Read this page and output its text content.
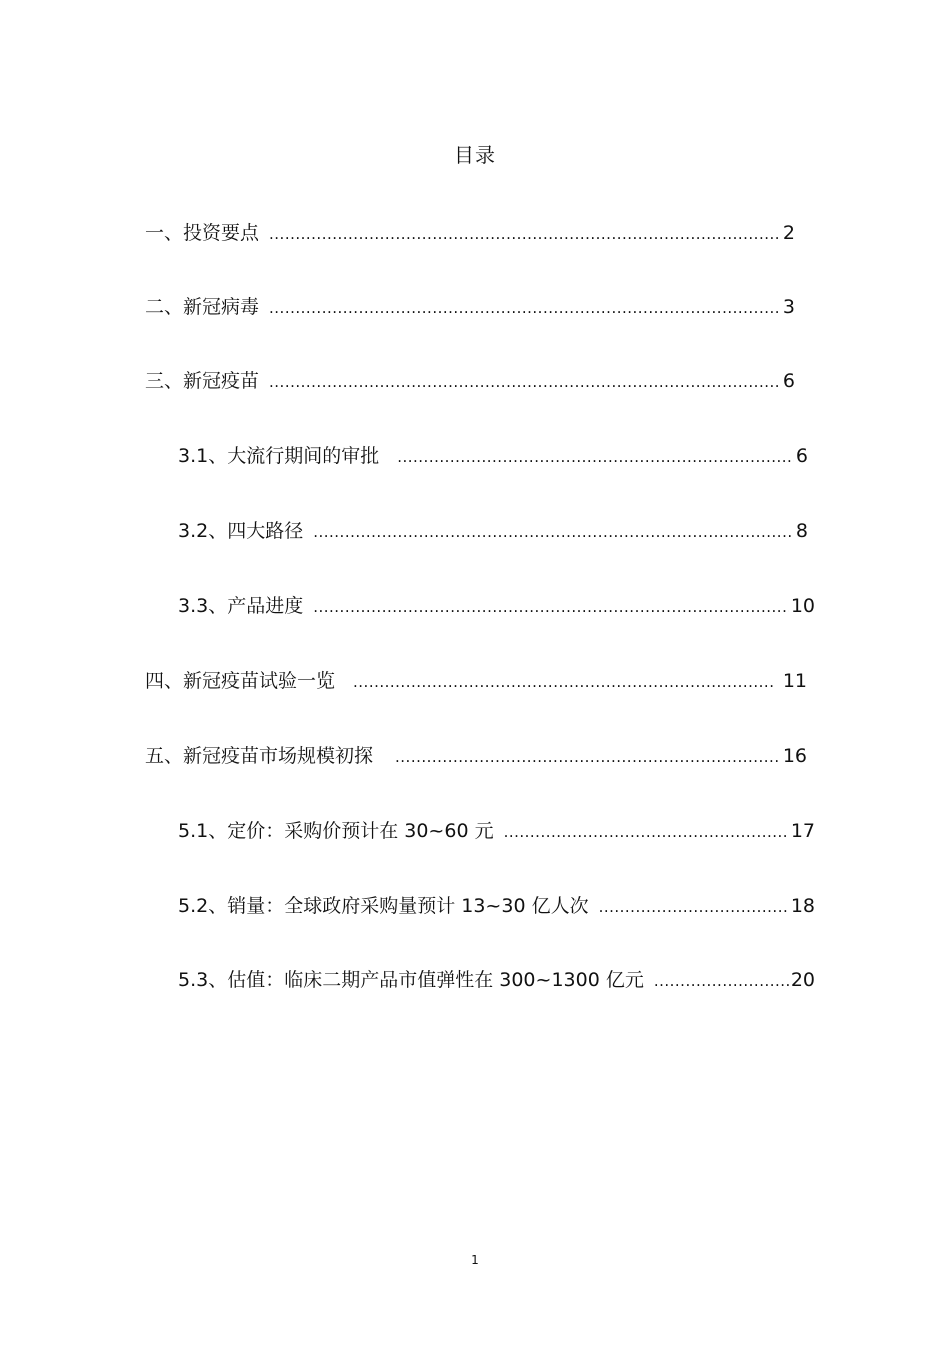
目录
一、投资要点 .....	2
二、新冠病毒 .....	3
三、新冠疫苗 .....	6
3.1、大流行期间的审批 .....	6
3.2、四大路径 .....	8
3.3、产品进度 .....	10
四、新冠疫苗试验一览 .....	11
五、新冠疫苗市场规模初探 .....	16
5.1、定价：采购价预计在 30~60 元 .....	17
5.2、销量：全球政府采购量预计 13~30 亿人次 .....	18
5.3、估值：临床二期产品市值弹性在 300~1300 亿元 .....	20
1
